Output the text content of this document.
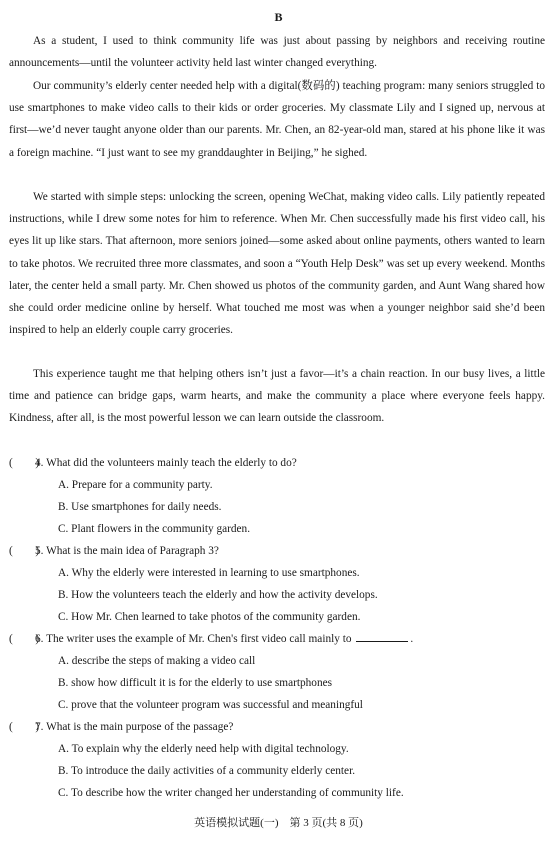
B

As a student, I used to think community life was just about passing by neighbors and receiving routine announcements—until the volunteer activity held last winter changed everything.

Our community’s elderly center needed help with a digital(数码的) teaching program: many seniors struggled to use smartphones to make video calls to their kids or order groceries. My classmate Lily and I signed up, nervous at first—we’d never taught anyone older than our parents. Mr. Chen, an 82-year-old man, stared at his phone like it was a foreign machine. “I just want to see my granddaughter in Beijing,” he sighed.

We started with simple steps: unlocking the screen, opening WeChat, making video calls. Lily patiently repeated instructions, while I drew some notes for him to reference. When Mr. Chen successfully made his first video call, his eyes lit up like stars. That afternoon, more seniors joined—some asked about online payments, others wanted to learn to take photos. We recruited three more classmates, and soon a “Youth Help Desk” was set up every weekend. Months later, the center held a small party. Mr. Chen showed us photos of the community garden, and Aunt Wang shared how she could order medicine online by herself. What touched me most was when a younger neighbor said she’d been inspired to help an elderly couple carry groceries.

This experience taught me that helping others isn’t just a favor—it’s a chain reaction. In our busy lives, a little time and patience can bridge gaps, warm hearts, and make the community a place where everyone feels happy. Kindness, after all, is the most powerful lesson we can learn outside the classroom.

(　　)4. What did the volunteers mainly teach the elderly to do?
A. Prepare for a community party.
B. Use smartphones for daily needs.
C. Plant flowers in the community garden.
(　　)5. What is the main idea of Paragraph 3?
A. Why the elderly were interested in learning to use smartphones.
B. How the volunteers teach the elderly and how the activity develops.
C. How Mr. Chen learned to take photos of the community garden.
(　　)6. The writer uses the example of Mr. Chen's first video call mainly to	.
A. describe the steps of making a video call
B. show how difficult it is for the elderly to use smartphones
C. prove that the volunteer program was successful and meaningful
(　　)7. What is the main purpose of the passage?
A. To explain why the elderly need help with digital technology.
B. To introduce the daily activities of a community elderly center.
C. To describe how the writer changed her understanding of community life.
英语模拟试题(一)　第 3 页(共 8 页)
